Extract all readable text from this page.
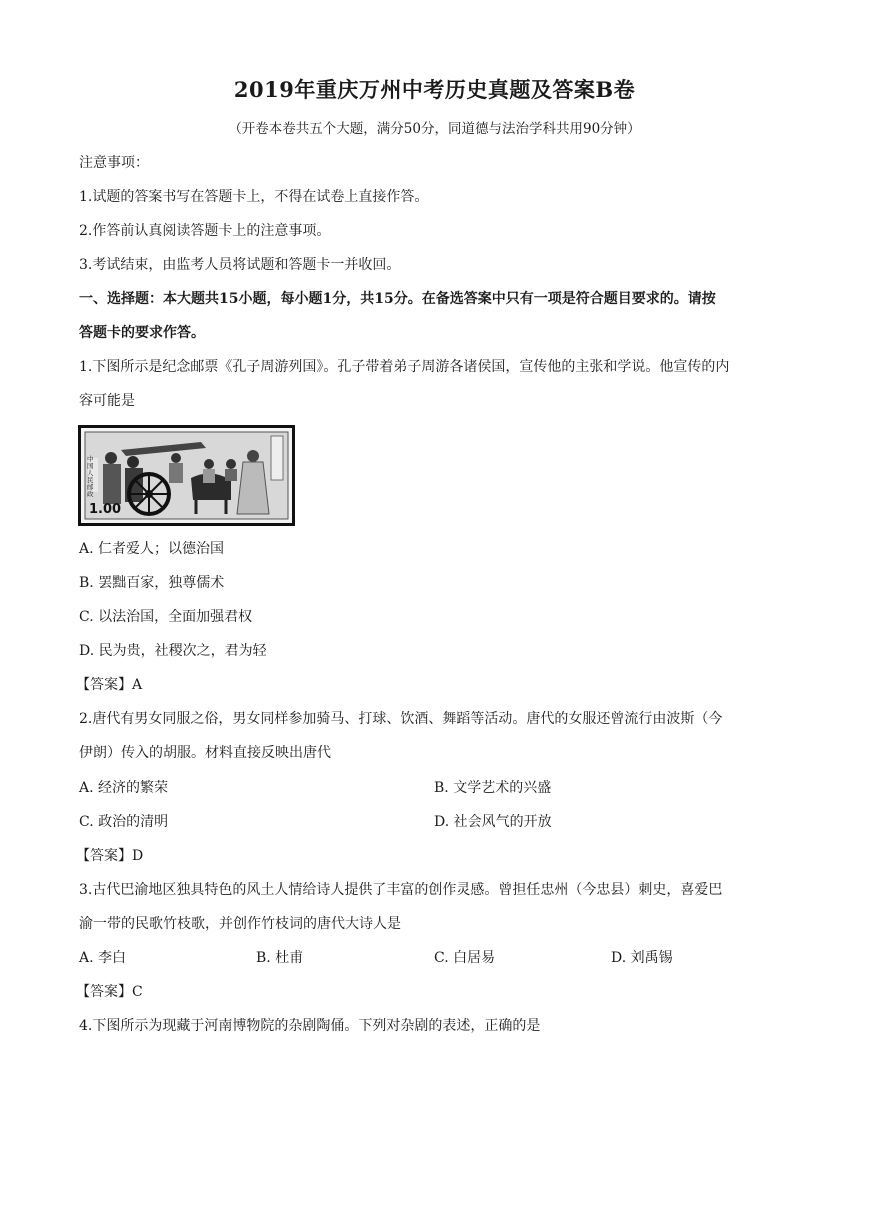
2019年重庆万州中考历史真题及答案B卷
（开卷本卷共五个大题，满分50分，同道德与法治学科共用90分钟）
注意事项：
1.试题的答案书写在答题卡上，不得在试卷上直接作答。
2.作答前认真阅读答题卡上的注意事项。
3.考试结束，由监考人员将试题和答题卡一并收回。
一、选择题：本大题共15小题，每小题1分，共15分。在备选答案中只有一项是符合题目要求的。请按
答题卡的要求作答。
1.下图所示是纪念邮票《孔子周游列国》。孔子带着弟子周游各诸侯国，宣传他的主张和学说。他宣传的内
容可能是
中国人民邮政
1.00
A. 仁者爱人；以德治国
B. 罢黜百家，独尊儒术
C. 以法治国，全面加强君权
D. 民为贵，社稷次之，君为轻
【答案】A
2.唐代有男女同服之俗，男女同样参加骑马、打球、饮酒、舞蹈等活动。唐代的女服还曾流行由波斯（今
伊朗）传入的胡服。材料直接反映出唐代
A. 经济的繁荣	B. 文学艺术的兴盛
C. 政治的清明	D. 社会风气的开放
【答案】D
3.古代巴渝地区独具特色的风土人情给诗人提供了丰富的创作灵感。曾担任忠州（今忠县）刺史，喜爱巴
渝一带的民歌竹枝歌，并创作竹枝词的唐代大诗人是
A. 李白	B. 杜甫	C. 白居易	D. 刘禹锡
【答案】C
4.下图所示为现藏于河南博物院的杂剧陶俑。下列对杂剧的表述，正确的是
